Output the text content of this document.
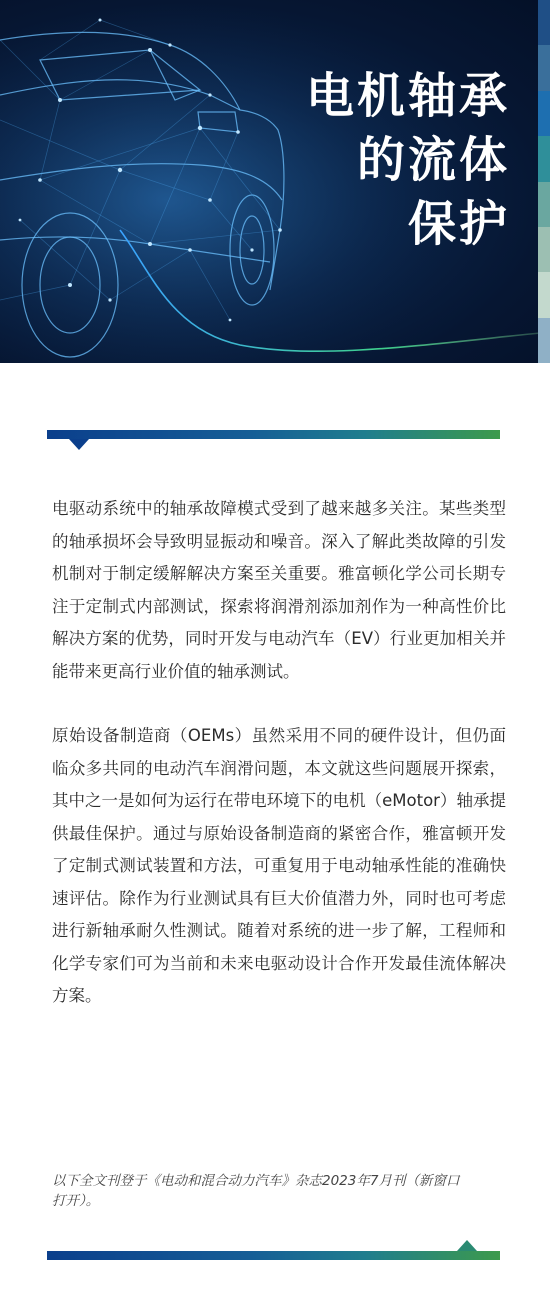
电机轴承
的流体
保护

电驱动系统中的轴承故障模式受到了越来越多关注。某些类型的轴承损坏会导致明显振动和噪音。深入了解此类故障的引发机制对于制定缓解解决方案至关重要。雅富顿化学公司长期专注于定制式内部测试，探索将润滑剂添加剂作为一种高性价比解决方案的优势，同时开发与电动汽车（EV）行业更加相关并能带来更高行业价值的轴承测试。

原始设备制造商（OEMs）虽然采用不同的硬件设计，但仍面临众多共同的电动汽车润滑问题，本文就这些问题展开探索，其中之一是如何为运行在带电环境下的电机（eMotor）轴承提供最佳保护。通过与原始设备制造商的紧密合作，雅富顿开发了定制式测试装置和方法，可重复用于电动轴承性能的准确快速评估。除作为行业测试具有巨大价值潜力外，同时也可考虑进行新轴承耐久性测试。随着对系统的进一步了解，工程师和化学专家们可为当前和未来电驱动设计合作开发最佳流体解决方案。

以下全文刊登于《电动和混合动力汽车》杂志2023年7月刊（新窗口打开）。
